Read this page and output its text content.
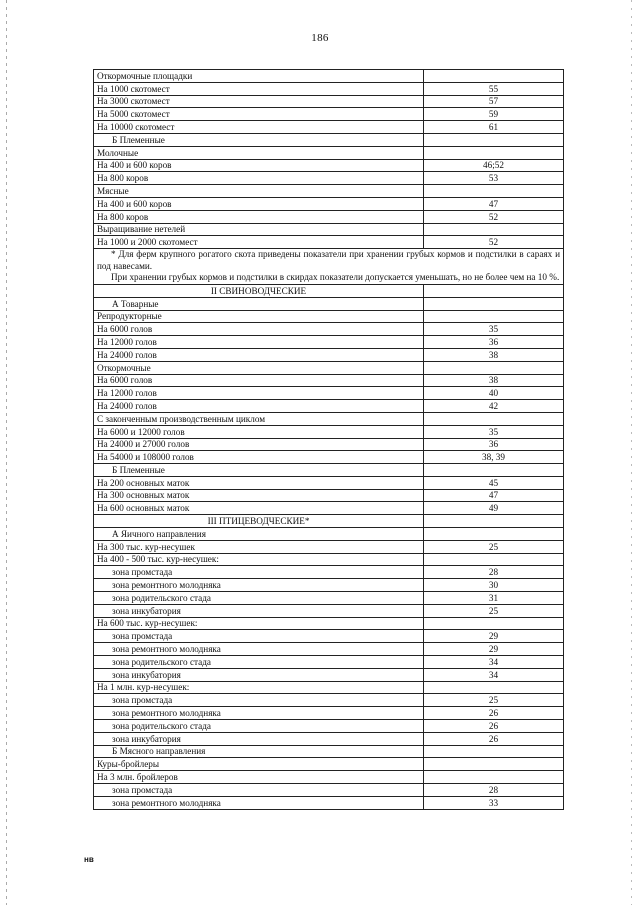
186
Откормочные площадки	
На 1000 скотомест	55
На 3000 скотомест	57
На 5000 скотомест	59
На 10000 скотомест	61
Б Племенные	
Молочные	
На 400 и 600 коров	46;52
На 800 коров	53
Мясные	
На 400 и 600 коров	47
На 800 коров	52
Выращивание нетелей	
На 1000 и 2000 скотомест	52

* Для ферм крупного рогатого скота приведены показатели при хранении грубых кормов и подстилки в сараях и под навесами.

При хранении грубых кормов и подстилки в скирдах показатели допускается уменьшать, но не более чем на 10 %.	

II СВИНОВОДЧЕСКИЕ	
А Товарные	
Репродукторные	
На 6000 голов	35
На 12000 голов	36
На 24000 голов	38
Откормочные	
На 6000 голов	38
На 12000 голов	40
На 24000 голов	42
С законченным производственным циклом	
На 6000 и 12000 голов	35
На 24000 и 27000 голов	36
На 54000 и 108000 голов	38, 39
Б Племенные	
На 200 основных маток	45
На 300 основных маток	47
На 600 основных маток	49
III ПТИЦЕВОДЧЕСКИЕ*	
А Яичного направления	
На 300 тыс. кур-несушек	25
На 400 - 500 тыс. кур-несушек:	
зона промстада	28
зона ремонтного молодняка	30
зона родительского стада	31
зона инкубатория	25
На 600 тыс. кур-несушек:	
зона промстада	29
зона ремонтного молодняка	29
зона родительского стада	34
зона инкубатория	34
На 1 млн. кур-несушек:	
зона промстада	25
зона ремонтного молодняка	26
зона родительского стада	26
зона инкубатория	26
Б Мясного направления	
Куры-бройлеры	
На 3 млн. бройлеров	
зона промстада	28
зона ремонтного молодняка	33
нв
